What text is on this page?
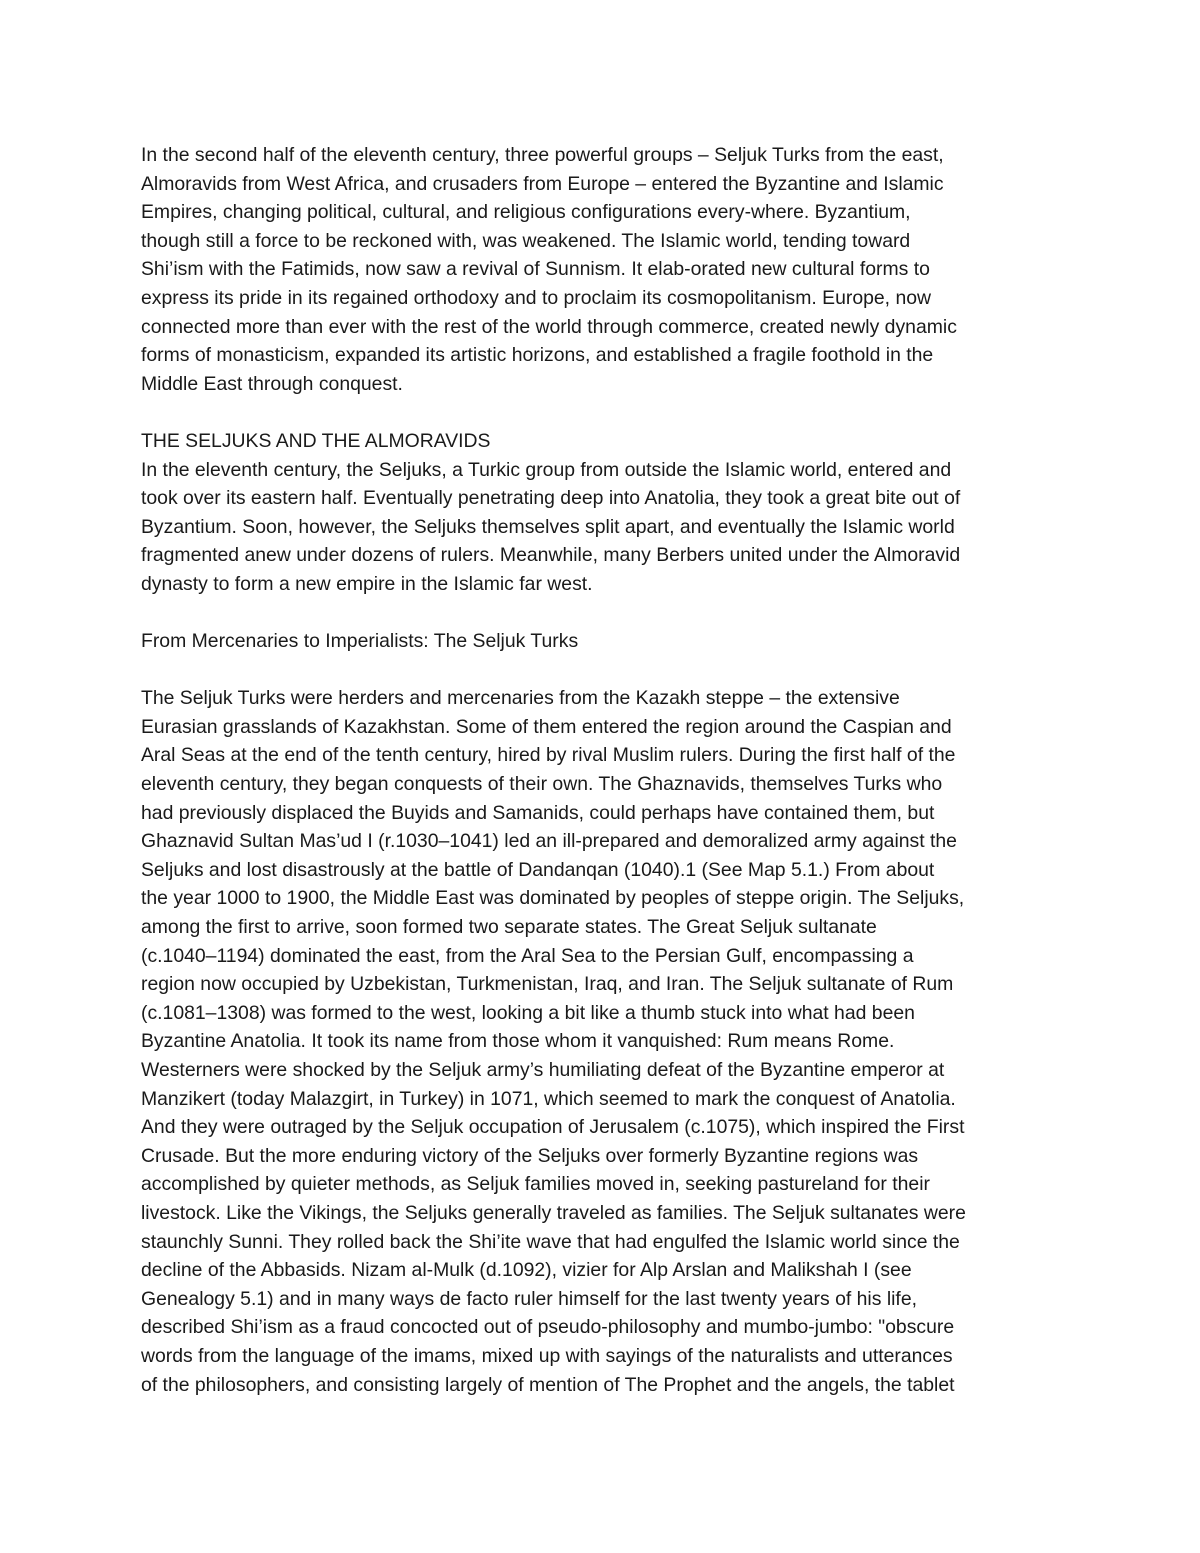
In the second half of the eleventh century, three powerful groups – Seljuk Turks from the east,
Almoravids from West Africa, and crusaders from Europe – entered the Byzantine and Islamic
Empires, changing political, cultural, and religious configurations every-where. Byzantium,
though still a force to be reckoned with, was weakened. The Islamic world, tending toward
Shi’ism with the Fatimids, now saw a revival of Sunnism. It elab-orated new cultural forms to
express its pride in its regained orthodoxy and to proclaim its cosmopolitanism. Europe, now
connected more than ever with the rest of the world through commerce, created newly dynamic
forms of monasticism, expanded its artistic horizons, and established a fragile foothold in the
Middle East through conquest.
THE SELJUKS AND THE ALMORAVIDS
In the eleventh century, the Seljuks, a Turkic group from outside the Islamic world, entered and
took over its eastern half. Eventually penetrating deep into Anatolia, they took a great bite out of
Byzantium. Soon, however, the Seljuks themselves split apart, and eventually the Islamic world
fragmented anew under dozens of rulers. Meanwhile, many Berbers united under the Almoravid
dynasty to form a new empire in the Islamic far west.
From Mercenaries to Imperialists: The Seljuk Turks
The Seljuk Turks were herders and mercenaries from the Kazakh steppe – the extensive
Eurasian grasslands of Kazakhstan. Some of them entered the region around the Caspian and
Aral Seas at the end of the tenth century, hired by rival Muslim rulers. During the first half of the
eleventh century, they began conquests of their own. The Ghaznavids, themselves Turks who
had previously displaced the Buyids and Samanids, could perhaps have contained them, but
Ghaznavid Sultan Mas’ud I (r.1030–1041) led an ill-prepared and demoralized army against the
Seljuks and lost disastrously at the battle of Dandanqan (1040).1 (See Map 5.1.) From about
the year 1000 to 1900, the Middle East was dominated by peoples of steppe origin. The Seljuks,
among the first to arrive, soon formed two separate states. The Great Seljuk sultanate
(c.1040–1194) dominated the east, from the Aral Sea to the Persian Gulf, encompassing a
region now occupied by Uzbekistan, Turkmenistan, Iraq, and Iran. The Seljuk sultanate of Rum
(c.1081–1308) was formed to the west, looking a bit like a thumb stuck into what had been
Byzantine Anatolia. It took its name from those whom it vanquished: Rum means Rome.
Westerners were shocked by the Seljuk army’s humiliating defeat of the Byzantine emperor at
Manzikert (today Malazgirt, in Turkey) in 1071, which seemed to mark the conquest of Anatolia.
And they were outraged by the Seljuk occupation of Jerusalem (c.1075), which inspired the First
Crusade. But the more enduring victory of the Seljuks over formerly Byzantine regions was
accomplished by quieter methods, as Seljuk families moved in, seeking pastureland for their
livestock. Like the Vikings, the Seljuks generally traveled as families. The Seljuk sultanates were
staunchly Sunni. They rolled back the Shi’ite wave that had engulfed the Islamic world since the
decline of the Abbasids. Nizam al-Mulk (d.1092), vizier for Alp Arslan and Malikshah I (see
Genealogy 5.1) and in many ways de facto ruler himself for the last twenty years of his life,
described Shi’ism as a fraud concocted out of pseudo-philosophy and mumbo-jumbo: "obscure
words from the language of the imams, mixed up with sayings of the naturalists and utterances
of the philosophers, and consisting largely of mention of The Prophet and the angels, the tablet
